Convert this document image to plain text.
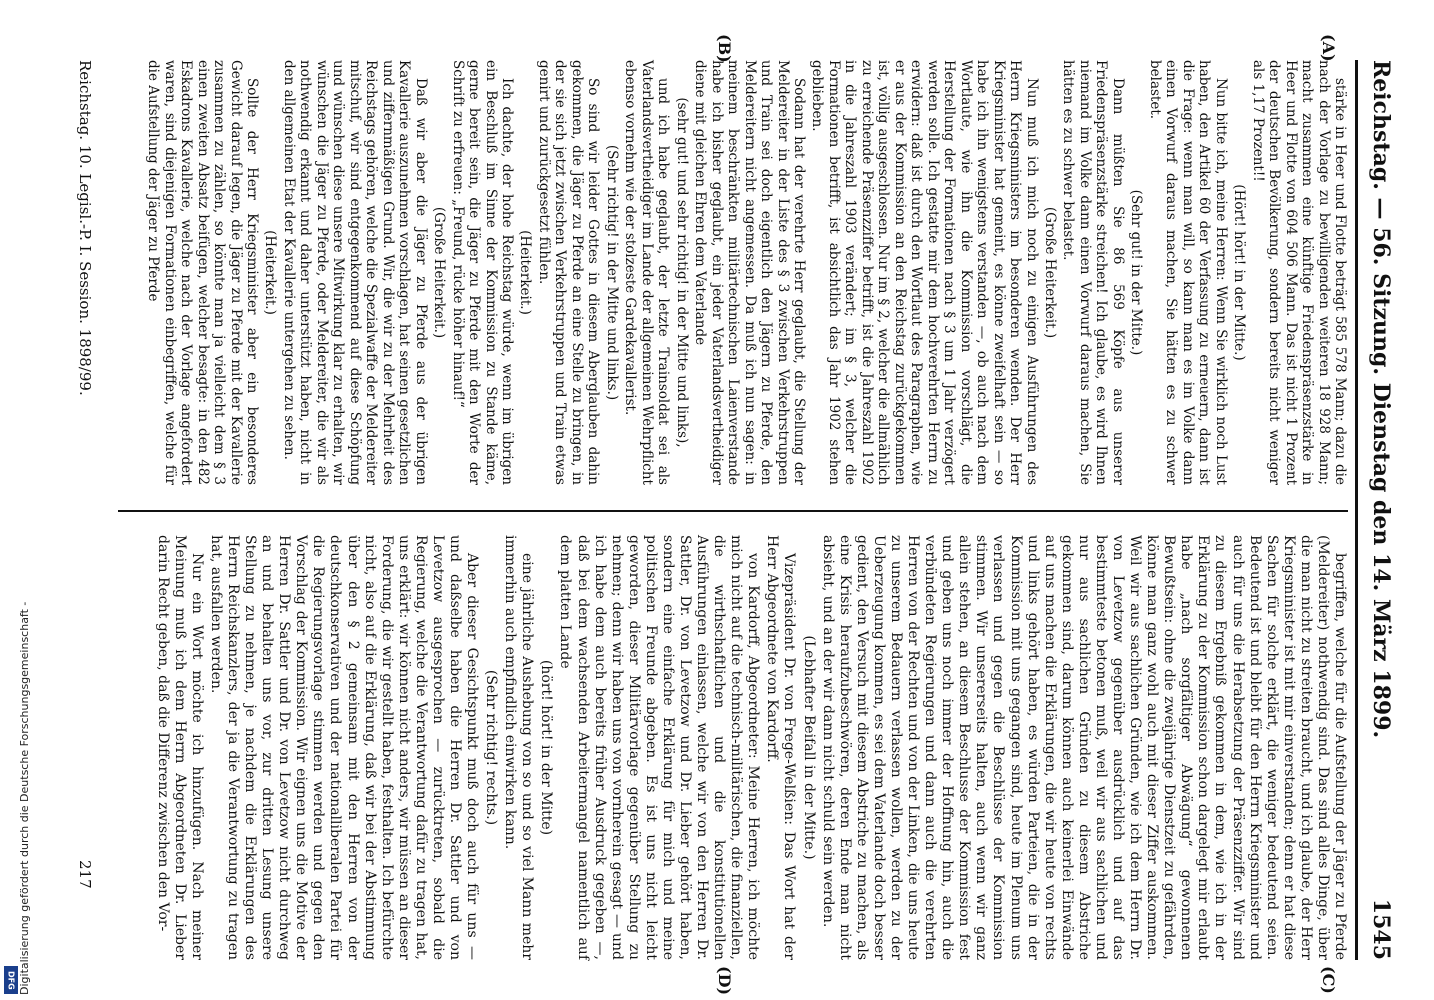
Reichstag. — 56. Sitzung. Dienstag den 14. März 1899.
1545
(A)
(B)
(C)
(D)

stärke in Heer und Flotte beträgt 585 578 Mann; dazu die nach der Vorlage zu bewilligenden weiteren 18 928 Mann; macht zusammen eine künftige Friedenspräsenzstärke in Heer und Flotte von 604 506 Mann. Das ist nicht 1 Prozent der deutschen Bevölkerung, sondern bereits nicht weniger als 1,17 Prozent!!

(Hört! hört! in der Mitte.)

Nun bitte ich, meine Herren: Wenn Sie wirklich noch Lust haben, den Artikel 60 der Verfassung zu erneuern, dann ist die Frage: wenn man will, so kann man es im Volke dann einen Vorwurf daraus machen, Sie hätten es zu schwer belastet.

(Sehr gut! in der Mitte.)

Dann müßten Sie 86 569 Köpfe aus unserer Friedenspräsenzstärke streichen! Ich glaube, es wird Ihnen niemand im Volke dann einen Vorwurf daraus machen, Sie hätten es zu schwer belastet.

(Große Heiterkeit.)

Nun muß ich mich noch zu einigen Ausführungen des Herrn Kriegsministers im besonderen wenden. Der Herr Kriegsminister hat gemeint, es könne zweifelhaft sein — so habe ich ihn wenigstens verstanden —, ob auch nach dem Wortlaute, wie ihn die Kommission vorschlägt, die Herstellung der Formationen nach § 3 um 1 Jahr verzögert werden solle. Ich gestatte mir dem hochverehrten Herrn zu erwidern: daß ist durch den Wortlaut des Paragraphen, wie er aus der Kommission an den Reichstag zurückgekommen ist, völlig ausgeschlossen. Nur im § 2, welcher die allmählich zu erreichende Präsenzziffer betrifft, ist die Jahreszahl 1902 in die Jahreszahl 1903 verändert; im § 3, welcher die Formationen betrifft, ist absichtlich das Jahr 1902 stehen geblieben.

Sodann hat der verehrte Herr geglaubt, die Stellung der Meldereiter in der Liste des § 3 zwischen Verkehrstruppen und Train sei doch eigentlich den Jägern zu Pferde, den Meldereitern nicht angemessen. Da muß ich nun sagen: in meinem beschränkten militärtechnischen Laienverstande habe ich bisher geglaubt, ein jeder Vaterlandsvertheidiger diene mit gleichen Ehren dem Vaterlande

(sehr gut! und sehr richtig! in der Mitte und links),

und ich habe geglaubt, der letzte Trainsoldat sei als Vaterlandsvertheidiger im Lande der allgemeinen Wehrpflicht ebenso vornehm wie der stolzeste Gardekavallerist.

(Sehr richtig! in der Mitte und links.)

So sind wir leider Gottes in diesem Aberglauben dahin gekommen, die Jäger zu Pferde an eine Stelle zu bringen, in der sie sich jetzt zwischen Verkehrstruppen und Train etwas genirt und zurückgesetzt fühlen.

(Heiterkeit.)

Ich dachte, der hohe Reichstag würde, wenn im übrigen ein Beschluß im Sinne der Kommission zu Stande käme, gerne bereit sein, die Jäger zu Pferde mit den Worte der Schrift zu erfreuen: „Freund, rücke höher hinauf!“

(Große Heiterkeit.)

Daß wir aber die Jäger zu Pferde aus der übrigen Kavallerie auszunehmen vorschlagen, hat seinen gesetzlichen und ziffernmäßigen Grund. Wir, die wir zu der Mehrheit des Reichstags gehören, welche die Spezialwaffe der Meldereiter mitschuf, wir sind entgegenkommend auf diese Schöpfung und wünschen diese unsere Mitwirkung klar zu erhalten, wir wünschen die Jäger zu Pferde, oder Meldereiter, die wir als nothwendig erkannt und daher unterstützt haben, nicht in den allgemeinen Etat der Kavallerie untergehen zu sehen.

(Heiterkeit.)

Sollte der Herr Kriegsminister aber ein besonderes Gewicht darauf legen, die Jäger zu Pferde mit der Kavallerie zusammen zu zählen, so könnte man ja vielleicht dem § 3 einen zweiten Absatz beifügen, welcher besagte: in den 482 Eskadrons Kavallerie, welche nach der Vorlage angefordert waren, sind diejenigen Formationen einbegriffen, welche für die Aufstellung der Jäger zu Pferde

begriffen, welche für die Aufstellung der Jäger zu Pferde (Meldereiter) nothwendig sind. Das sind alles Dinge, über die man nicht zu streiten braucht, und ich glaube, der Herr Kriegsminister ist mit mir einverstanden; denn er hat diese Sachen für solche erklärt, die weniger bedeutend seien. Bedeutend ist und bleibt für den Herrn Kriegsminister und auch für uns die Herabsetzung der Präsenzziffer. Wir sind zu diesem Ergebniß gekommen in dem, wie ich in der Erklärung zu der Kommission schon dargelegt mir erlaubt habe „nach sorgfältiger Abwägung“ gewonnenen Bewußtsein: ohne die zweijährige Dienstzeit zu gefährden, könne man ganz wohl auch mit dieser Ziffer auskommen. Weil wir aus sachlichen Gründen, wie ich dem Herrn Dr. von Levetzow gegenüber ausdrücklich und auf das bestimmteste betonen muß, weil wir aus sachlichen und nur aus sachlichen Gründen zu diesem Abstriche gekommen sind, darum können auch keinerlei Einwände auf uns machen die Erklärungen, die wir heute von rechts und links gehört haben, es würden Parteien, die in der Kommission mit uns gegangen sind, heute im Plenum uns verlassen und gegen die Beschlüsse der Kommission stimmen. Wir unsererseits halten, auch wenn wir ganz allein stehen, an diesem Beschlusse der Kommission fest und geben uns noch immer der Hoffnung hin, auch die verbündeten Regierungen und dann auch die verehrten Herren von der Rechten und von der Linken, die uns heute zu unserem Bedauern verlassen wollen, werden zu der Ueberzeugung kommen, es sei dem Vaterlande doch besser gedient, den Versuch mit diesem Abstriche zu machen, als eine Krisis heraufzubeschwören, deren Ende man nicht absieht, und an der wir dann nicht schuld sein werden.

(Lebhafter Beifall in der Mitte.)

Vizepräsident Dr. von Frege-Welßien: Das Wort hat der Herr Abgeordnete von Kardorff.

von Kardorff, Abgeordneter: Meine Herren, ich möchte mich nicht auf die technisch-militärischen, die finanziellen, die wirthschaftlichen und die konstitutionellen Ausführungen einlassen, welche wir von den Herren Dr. Sattler, Dr. von Levetzow und Dr. Lieber gehört haben, sondern eine einfache Erklärung für mich und meine politischen Freunde abgeben. Es ist uns nicht leicht geworden, dieser Militärvorlage gegenüber Stellung zu nehmen; denn wir haben uns von vornherein gesagt — und ich habe dem auch bereits früher Ausdruck gegeben —, daß bei dem wachsenden Arbeitermangel namentlich auf dem platten Lande

(hört! hört! in der Mitte)

eine jährliche Aushebung von so und so viel Mann mehr immerhin auch empfindlich einwirken kann.

(Sehr richtig! rechts.)

Aber dieser Gesichtspunkt muß doch auch für uns — und daßselbe haben die Herren Dr. Sattler und von Levetzow ausgesprochen — zurücktreten, sobald die Regierung, welche die Verantwortung dafür zu tragen hat, uns erklärt: wir können nicht anders, wir müssen an dieser Forderung, die wir gestellt haben, festhalten. Ich befürchte nicht, also auf die Erklärung, daß wir bei der Abstimmung über den § 2 gemeinsam mit den Herren von der deutschkonservativen und der nationalliberalen Partei für die Regierungsvorlage stimmen werden und gegen den Vorschlag der Kommission. Wir eignen uns die Motive der Herren Dr. Sattler und Dr. von Levetzow nicht durchweg an und behalten uns vor, zur dritten Lesung unsere Stellung zu nehmen, je nachdem die Erklärungen des Herrn Reichskanzlers, der ja die Verantwortung zu tragen hat, ausfallen werden.

Nur ein Wort möchte ich hinzufügen. Nach meiner Meinung muß ich dem Herrn Abgeordneten Dr. Lieber darin Recht geben, daß die Differenz zwischen den Vor-

Reichstag. 10. Legisl.-P. I. Session. 1898/99.
217
Digitalisierung gefördert durch die Deutsche Forschungsgemeinschaft -
DFG
